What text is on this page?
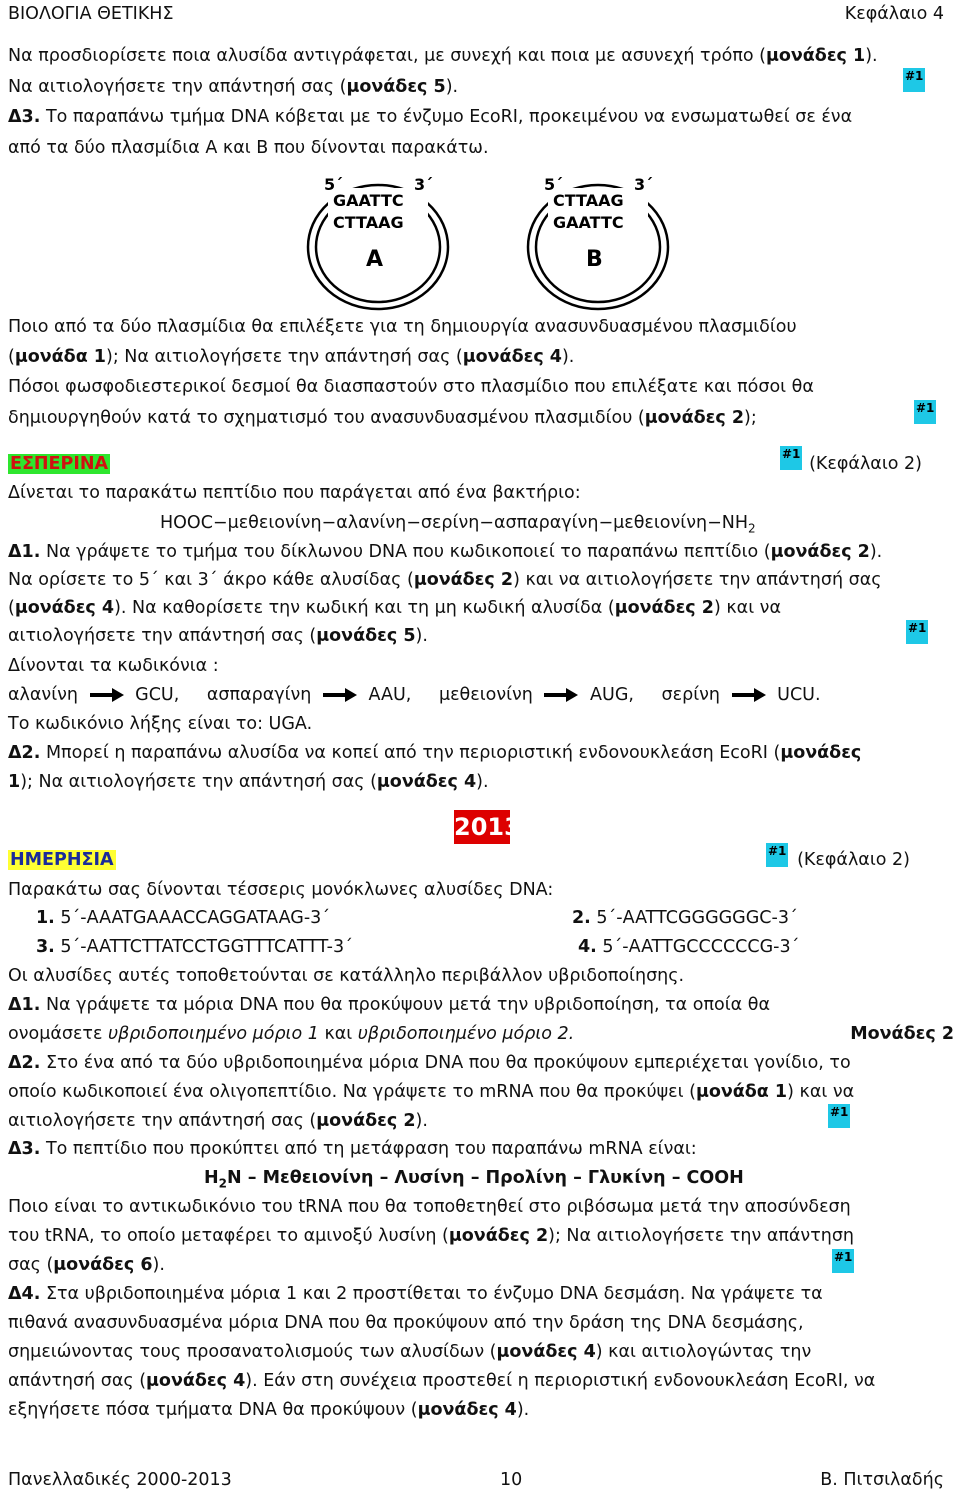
ΒΙΟΛΟΓΙΑ ΘΕΤΙΚΗΣ	Κεφάλαιο 4
Να προσδιορίσετε ποια αλυσίδα αντιγράφεται, με συνεχή και ποια με ασυνεχή τρόπο (μονάδες 1).
Να αιτιολογήσετε την απάντησή σας (μονάδες 5).
#1
Δ3. Το παραπάνω τμήμα DNA κόβεται με το ένζυμο EcoRI, προκειμένου να ενσωματωθεί σε ένα
από τα δύο πλασμίδια Α και Β που δίνονται παρακάτω.
5΄	3΄
GAATTC
CTTAAG
A
5΄	3΄
CTTAAG
GAATTC
B
Ποιο από τα δύο πλασμίδια θα επιλέξετε για τη δημιουργία ανασυνδυασμένου πλασμιδίου
(μονάδα 1); Να αιτιολογήσετε την απάντησή σας (μονάδες 4).
Πόσοι φωσφοδιεστερικοί δεσμοί θα διασπαστούν στο πλασμίδιο που επιλέξατε και πόσοι θα
δημιουργηθούν κατά το σχηματισμό του ανασυνδυασμένου πλασμιδίου (μονάδες 2);	#1
ΕΣΠΕΡΙΝΑ	#1 (Κεφάλαιο 2)
Δίνεται το παρακάτω πεπτίδιο που παράγεται από ένα βακτήριο:
$HOOC-\mu\varepsilon\theta\varepsilon\iota o\nu ί\nu\eta-\alpha\lambda\alpha\nu ί\nu\eta-\sigma\varepsilon\rho ί\nu\eta-\alpha\sigma\pi\alpha\rho\alpha\gamma ί\nu\eta-\mu\varepsilon\theta\varepsilon\iota o\nu ί\nu\eta-NH_2$
Δ1. Να γράψετε το τμήμα του δίκλωνου DNA που κωδικοποιεί το παραπάνω πεπτίδιο (μονάδες 2).
Να ορίσετε το 5΄ και 3΄ άκρο κάθε αλυσίδας (μονάδες 2) και να αιτιολογήσετε την απάντησή σας
(μονάδες 4). Να καθορίσετε την κωδική και τη μη κωδική αλυσίδα (μονάδες 2) και να
αιτιολογήσετε την απάντησή σας (μονάδες 5).	#1
Δίνονται τα κωδικόνια :
αλανίνη	GCU, ασπαραγίνη	AAU, μεθειονίνη	AUG, σερίνη	UCU.
Το κωδικόνιο λήξης είναι το: UGA.
Δ2. Μπορεί η παραπάνω αλυσίδα να κοπεί από την περιοριστική ενδονουκλεάση EcoRI (μονάδες
1); Να αιτιολογήσετε την απάντησή σας (μονάδες 4).
2013
ΗΜΕΡΗΣΙΑ	#1 (Κεφάλαιο 2)
Παρακάτω σας δίνονται τέσσερις μονόκλωνες αλυσίδες DNA:
1. 5΄-AAATGAAACCAGGATAAG-3΄	2. 5΄-AATTCGGGGGGC-3΄
3. 5΄-AATTCTTATCCTGGTTTCATTT-3΄	4. 5΄-AATTGCCCCCCG-3΄
Οι αλυσίδες αυτές τοποθετούνται σε κατάλληλο περιβάλλον υβριδοποίησης.
Δ1. Να γράψετε τα μόρια DNA που θα προκύψουν μετά την υβριδοποίηση, τα οποία θα
ονομάσετε υβριδοποιημένο μόριο 1 και υβριδοποιημένο μόριο 2.	Μονάδες 2
Δ2. Στο ένα από τα δύο υβριδοποιημένα μόρια DNA που θα προκύψουν εμπεριέχεται γονίδιο, το
οποίο κωδικοποιεί ένα ολιγοπεπτίδιο. Να γράψετε το mRNA που θα προκύψει (μονάδα 1) και να
αιτιολογήσετε την απάντησή σας (μονάδες 2).	#1
Δ3. Το πεπτίδιο που προκύπτει από τη μετάφραση του παραπάνω mRNA είναι:
$H_2N$ – Μεθειονίνη – Λυσίνη – Προλίνη – Γλυκίνη – COOH
Ποιο είναι το αντικωδικόνιο του tRNA που θα τοποθετηθεί στο ριβόσωμα μετά την αποσύνδεση
του tRNA, το οποίο μεταφέρει το αμινοξύ λυσίνη (μονάδες 2); Να αιτιολογήσετε την απάντηση
σας (μονάδες 6).	#1
Δ4. Στα υβριδοποιημένα μόρια 1 και 2 προστίθεται το ένζυμο DNA δεσμάση. Να γράψετε τα
πιθανά ανασυνδυασμένα μόρια DNA που θα προκύψουν από την δράση της DNA δεσμάσης,
σημειώνοντας τους προσανατολισμούς των αλυσίδων (μονάδες 4) και αιτιολογώντας την
απάντησή σας (μονάδες 4). Εάν στη συνέχεια προστεθεί η περιοριστική ενδονουκλεάση EcoRI, να
εξηγήσετε πόσα τμήματα DNA θα προκύψουν (μονάδες 4).
Πανελλαδικές 2000-2013	10	Β. Πιτσιλαδής
